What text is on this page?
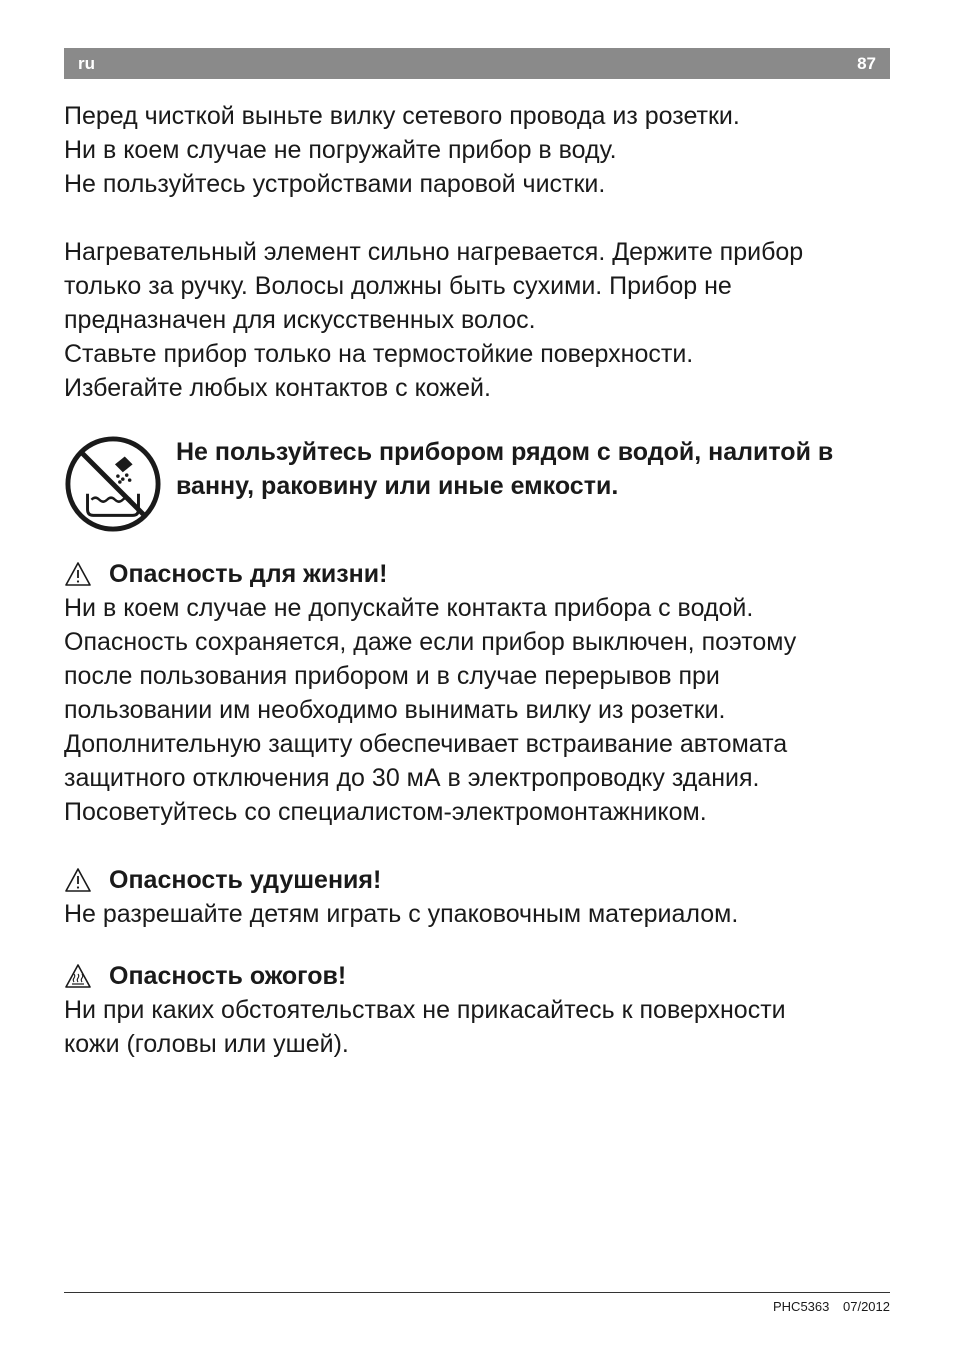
ru	87

Перед чисткой выньте вилку сетевого провода из розетки.
Ни в коем случае не погружайте прибор в воду.
Не пользуйтесь устройствами паровой чистки.

Нагревательный элемент сильно нагревается. Держите прибор
только за ручку. Волосы должны быть сухими. Прибор не
предназначен для искусственных волос.
Ставьте прибор только на термостойкие поверхности.
Избегайте любых контактов с кожей.

Не пользуйтесь прибором рядом с водой, налитой в
ванну, раковину или иные емкости.

Опасность для жизни!

Ни в коем случае не допускайте контакта прибора с водой.
Опасность сохраняется, даже если прибор выключен, поэтому
после пользования прибором и в случае перерывов при
пользовании им необходимо вынимать вилку из розетки.
Дополнительную защиту обеспечивает встраивание автомата
защитного отключения до 30 мА в электропроводку здания.
Посоветуйтесь со специалистом-электромонтажником.

Опасность удушения!

Не разрешайте детям играть с упаковочным материалом.

Опасность ожогов!

Ни при каких обстоятельствах не прикасайтесь к поверхности
кожи (головы или ушей).

PHC5363 07/2012
